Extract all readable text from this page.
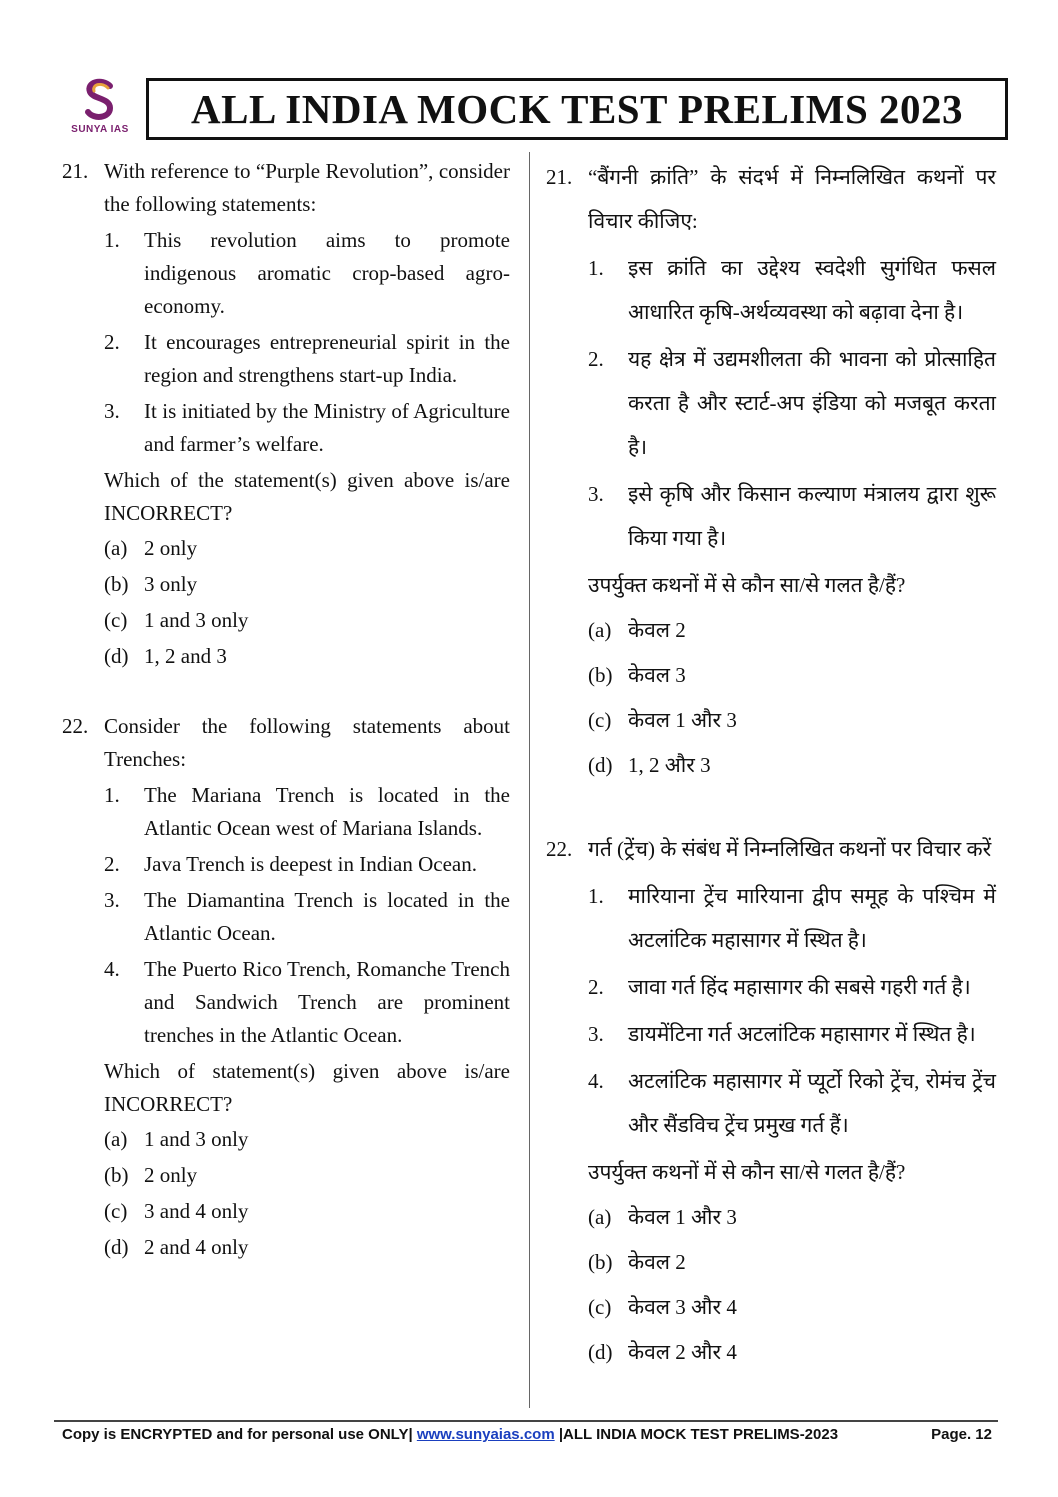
SUNYA IAS ALL INDIA MOCK TEST PRELIMS 2023
21. With reference to “Purple Revolution”, consider the following statements:
1.	This revolution aims to promote indigenous aromatic crop-based agro-economy.
2.	It encourages entrepreneurial spirit in the region and strengthens start-up India.
3.	It is initiated by the Ministry of Agriculture and farmer’s welfare.
Which of the statement(s) given above is/are INCORRECT?
(a) 2 only
(b) 3 only
(c) 1 and 3 only
(d) 1, 2 and 3
22. Consider the following statements about Trenches:
1.	The Mariana Trench is located in the Atlantic Ocean west of Mariana Islands.
2.	Java Trench is deepest in Indian Ocean.
3.	The Diamantina Trench is located in the Atlantic Ocean.
4.	The Puerto Rico Trench, Romanche Trench and Sandwich Trench are prominent trenches in the Atlantic Ocean.
Which of statement(s) given above is/are INCORRECT?
(a) 1 and 3 only
(b) 2 only
(c) 3 and 4 only
(d) 2 and 4 only
21. “बैंगनी क्रांति” के संदर्भ में निम्नलिखित कथनों पर विचार कीजिए:
1.	इस क्रांति का उद्देश्य स्वदेशी सुगंधित फसल आधारित कृषि-अर्थव्यवस्था को बढ़ावा देना है।
2.	यह क्षेत्र में उद्यमशीलता की भावना को प्रोत्साहित करता है और स्टार्ट-अप इंडिया को मजबूत करता है।
3.	इसे कृषि और किसान कल्याण मंत्रालय द्वारा शुरू किया गया है।
उपर्युक्त कथनों में से कौन सा/से गलत है/हैं?
(a) केवल 2
(b) केवल 3
(c) केवल 1 और 3
(d) 1, 2 और 3
22. गर्त (ट्रेंच) के संबंध में निम्नलिखित कथनों पर विचार करें
1.	मारियाना ट्रेंच मारियाना द्वीप समूह के पश्चिम में अटलांटिक महासागर में स्थित है।
2.	जावा गर्त हिंद महासागर की सबसे गहरी गर्त है।
3.	डायमेंटिना गर्त अटलांटिक महासागर में स्थित है।
4.	अटलांटिक महासागर में प्यूर्टो रिको ट्रेंच, रोमंच ट्रेंच और सैंडविच ट्रेंच प्रमुख गर्त हैं।
उपर्युक्त कथनों में से कौन सा/से गलत है/हैं?
(a) केवल 1 और 3
(b) केवल 2
(c) केवल 3 और 4
(d) केवल 2 और 4
Copy is ENCRYPTED and for personal use ONLY| www.sunyaias.com |ALL INDIA MOCK TEST PRELIMS-2023	Page. 12
